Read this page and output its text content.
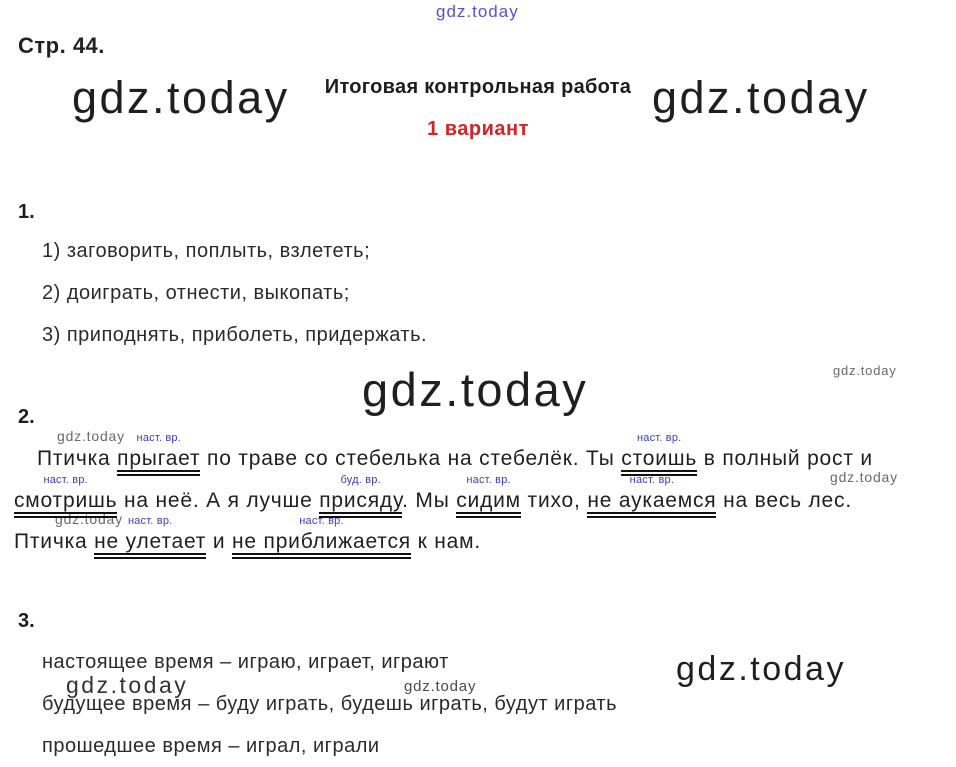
gdz.today
gdz.today	gdz.today
gdz.today	gdz.today
gdz.today
gdz.today
gdz.today
gdz.today	gdz.today	gdz.today
Стр. 44.
Итоговая контрольная работа
1 вариант
1.
1) заговорить, поплыть, взлететь;
2) доиграть, отнести, выкопать;
3) приподнять, приболеть, придержать.
2.
Птичка
наст. вр.
прыгает по траве со стебелька на стебелёк. Ты
наст. вр.
стоишь в полный рост и
наст. вр.
смотришь на неё. А я лучше
буд. вр.
присяду. Мы
наст. вр.
сидим тихо,
наст. вр.
не аукаемся на весь лес.
Птичка
наст. вр.
не улетает и
наст. вр.
не приближается к нам.
3.
настоящее время – играю, играет, играют
будущее время – буду играть, будешь играть, будут играть
прошедшее время – играл, играли
